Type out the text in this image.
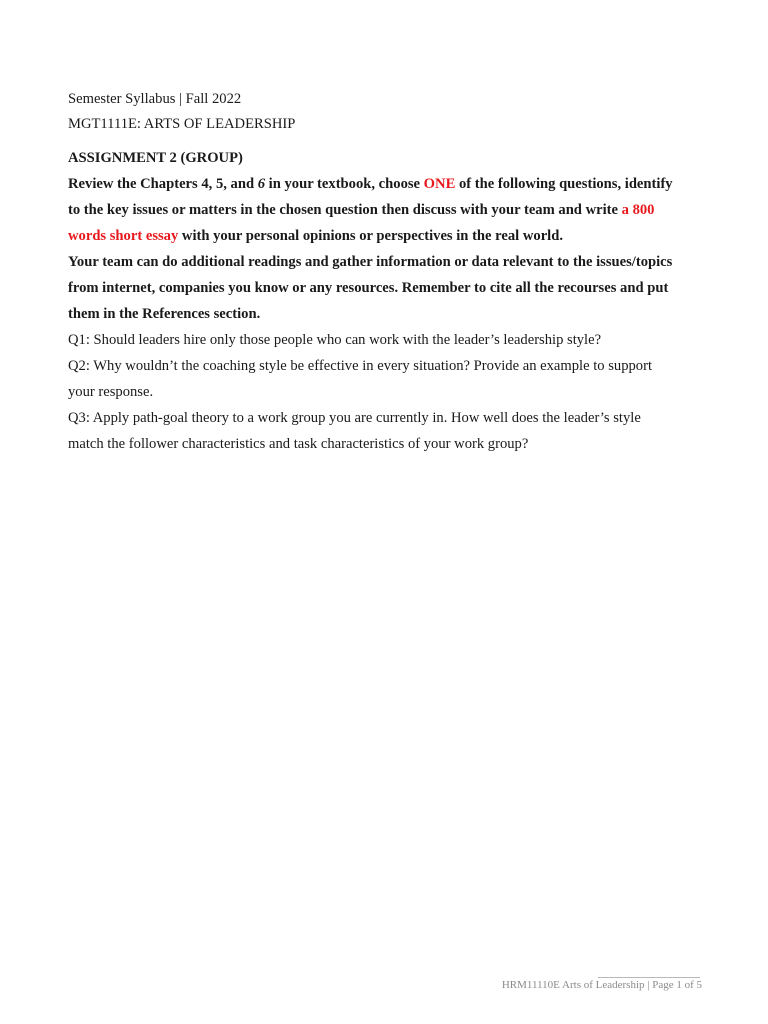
Semester Syllabus | Fall 2022
MGT1111E: ARTS OF LEADERSHIP
ASSIGNMENT 2 (GROUP)
Review the Chapters 4, 5, and 6 in your textbook, choose ONE of the following questions, identify
to the key issues or matters in the chosen question then discuss with your team and write a 800
words short essay with your personal opinions or perspectives in the real world.
Your team can do additional readings and gather information or data relevant to the issues/topics
from internet, companies you know or any resources. Remember to cite all the recourses and put
them in the References section.
Q1: Should leaders hire only those people who can work with the leader’s leadership style?
Q2: Why wouldn’t the coaching style be effective in every situation? Provide an example to support
your response.
Q3: Apply path-goal theory to a work group you are currently in. How well does the leader’s style
match the follower characteristics and task characteristics of your work group?
HRM11110E Arts of Leadership | Page 1 of 5
